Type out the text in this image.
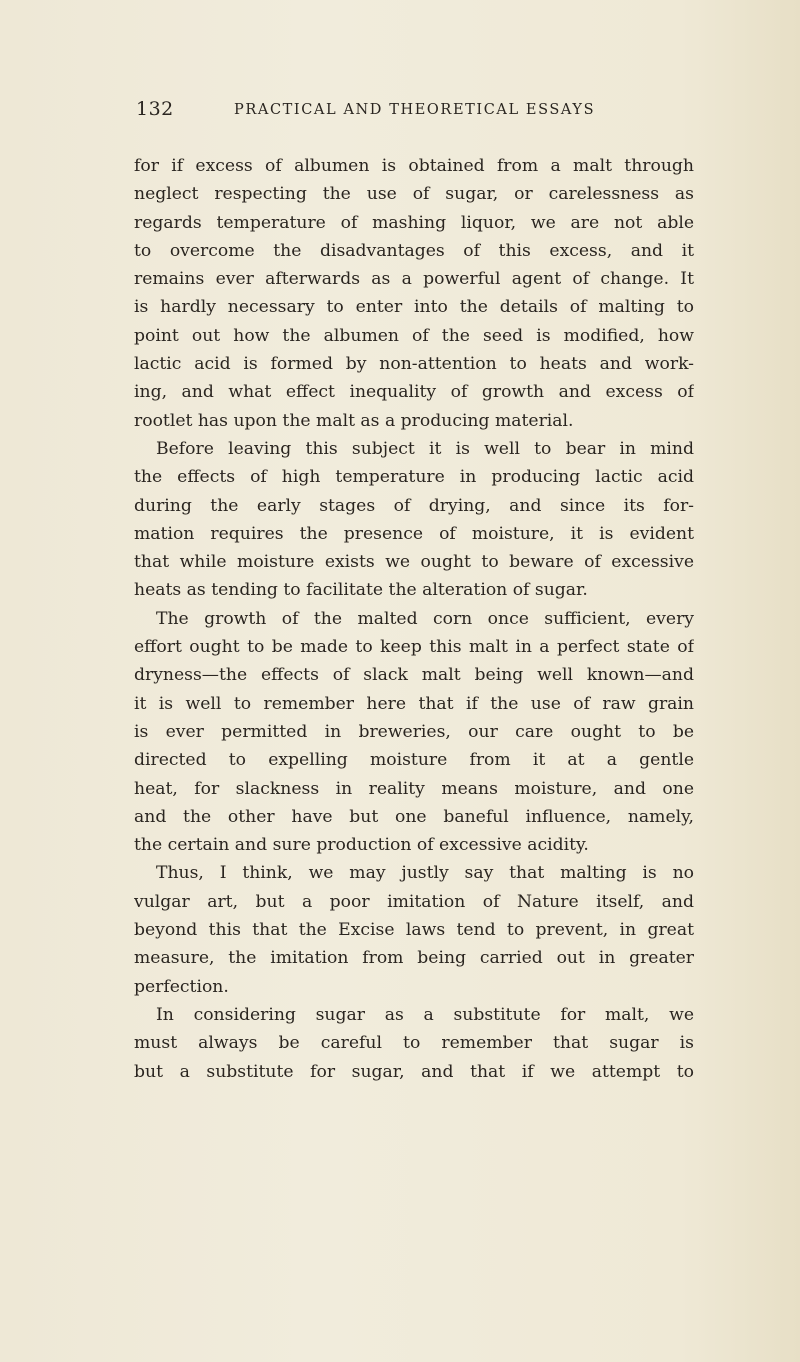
132	PRACTICAL AND THEORETICAL ESSAYS
for if excess of albumen is obtained from a malt through
neglect respecting the use of sugar, or carelessness as
regards temperature of mashing liquor, we are not able
to overcome the disadvantages of this excess, and it
remains ever afterwards as a powerful agent of change. It
is hardly necessary to enter into the details of malting to
point out how the albumen of the seed is modified, how
lactic acid is formed by non-attention to heats and work-
ing, and what effect inequality of growth and excess of
rootlet has upon the malt as a producing material.
Before leaving this subject it is well to bear in mind
the effects of high temperature in producing lactic acid
during the early stages of drying, and since its for-
mation requires the presence of moisture, it is evident
that while moisture exists we ought to beware of excessive
heats as tending to facilitate the alteration of sugar.
The growth of the malted corn once sufficient, every
effort ought to be made to keep this malt in a perfect state of
dryness—the effects of slack malt being well known—and
it is well to remember here that if the use of raw grain
is ever permitted in breweries, our care ought to be
directed to expelling moisture from it at a gentle
heat, for slackness in reality means moisture, and one
and the other have but one baneful influence, namely,
the certain and sure production of excessive acidity.
Thus, I think, we may justly say that malting is no
vulgar art, but a poor imitation of Nature itself, and
beyond this that the Excise laws tend to prevent, in great
measure, the imitation from being carried out in greater
perfection.
In considering sugar as a substitute for malt, we
must always be careful to remember that sugar is
but a substitute for sugar, and that if we attempt to
